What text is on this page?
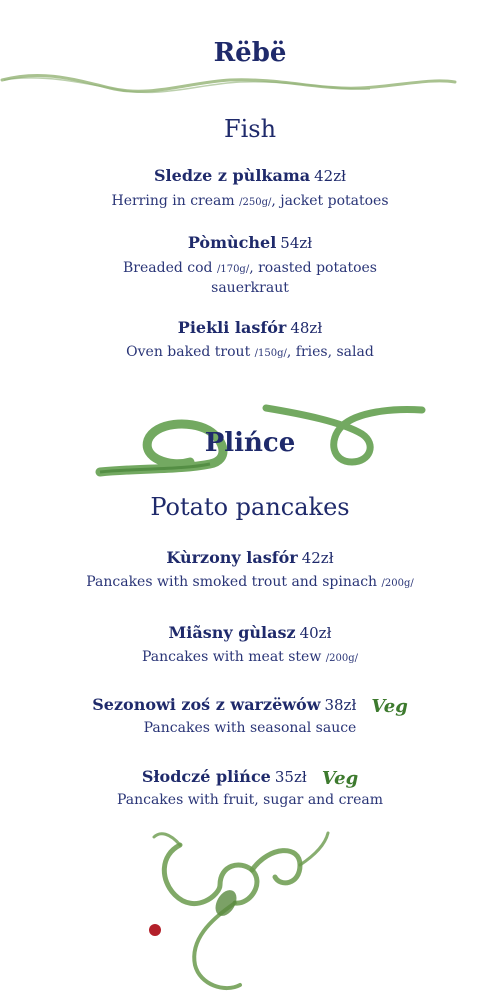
Rëbë
Fish
Sledze z pùlkama 42zł
Herring in cream /250g/, jacket potatoes
Pòmùchel 54zł
Breaded cod /170g/, roasted potatoes
sauerkraut
Piekli lasfór 48zł
Oven baked trout /150g/, fries, salad
Plińce
Potato pancakes
Kùrzony lasfór 42zł
Pancakes with smoked trout and spinach /200g/
Miãsny gùlasz 40zł
Pancakes with meat stew /200g/
Sezonowi zoś z warzëwów 38zł Veg
Pancakes with seasonal sauce
Słodczé plińce 35zł Veg
Pancakes with fruit, sugar and cream
